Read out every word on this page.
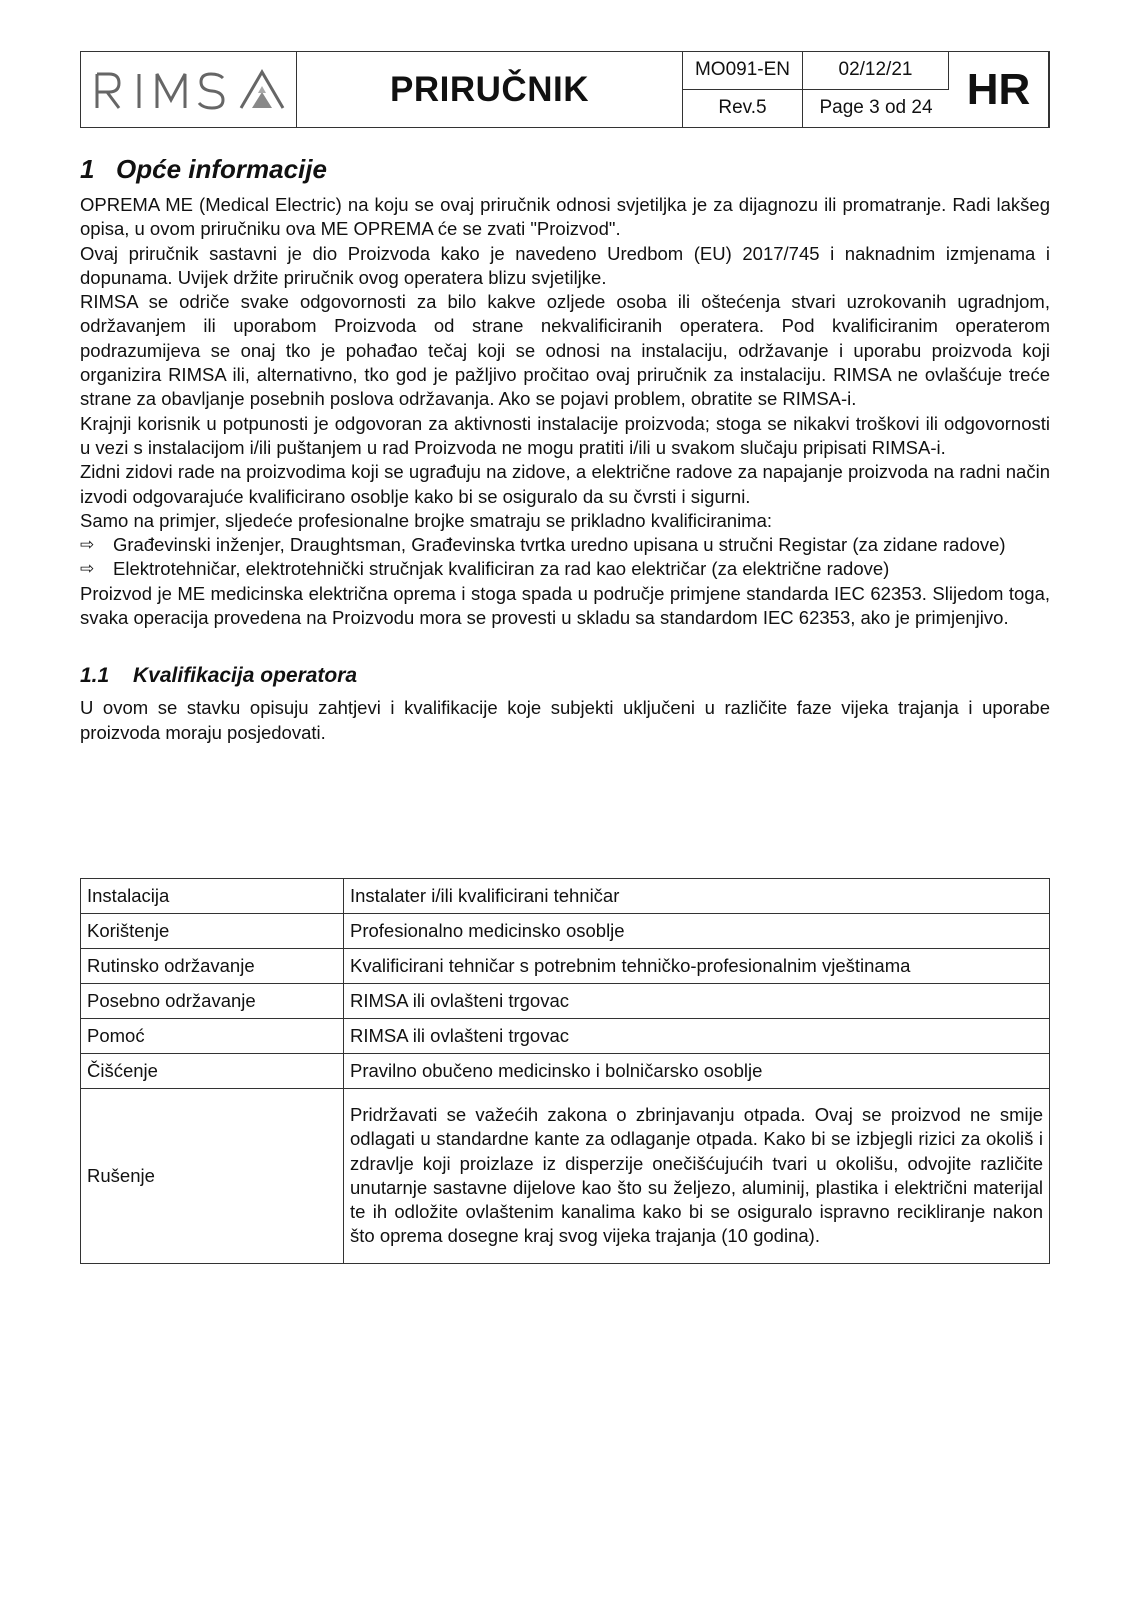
PRIRUČNIK	MO091-EN	02/12/21	HR
Rev.5	Page 3 od 24
1 Opće informacije

OPREMA ME (Medical Electric) na koju se ovaj priručnik odnosi svjetiljka je za dijagnozu ili promatranje. Radi lakšeg opisa, u ovom priručniku ova ME OPREMA će se zvati "Proizvod".

Ovaj priručnik sastavni je dio Proizvoda kako je navedeno Uredbom (EU) 2017/745 i naknadnim izmjenama i dopunama. Uvijek držite priručnik ovog operatera blizu svjetiljke.

RIMSA se odriče svake odgovornosti za bilo kakve ozljede osoba ili oštećenja stvari uzrokovanih ugradnjom, održavanjem ili uporabom Proizvoda od strane nekvalificiranih operatera. Pod kvalificiranim operaterom podrazumijeva se onaj tko je pohađao tečaj koji se odnosi na instalaciju, održavanje i uporabu proizvoda koji organizira RIMSA ili, alternativno, tko god je pažljivo pročitao ovaj priručnik za instalaciju. RIMSA ne ovlašćuje treće strane za obavljanje posebnih poslova održavanja. Ako se pojavi problem, obratite se RIMSA-i.

Krajnji korisnik u potpunosti je odgovoran za aktivnosti instalacije proizvoda; stoga se nikakvi troškovi ili odgovornosti u vezi s instalacijom i/ili puštanjem u rad Proizvoda ne mogu pratiti i/ili u svakom slučaju pripisati RIMSA-i.

Zidni zidovi rade na proizvodima koji se ugrađuju na zidove, a električne radove za napajanje proizvoda na radni način izvodi odgovarajuće kvalificirano osoblje kako bi se osiguralo da su čvrsti i sigurni.

Samo na primjer, sljedeće profesionalne brojke smatraju se prikladno kvalificiranima:

⇨ Građevinski inženjer, Draughtsman, Građevinska tvrtka uredno upisana u stručni Registar (za zidane radove)
⇨ Elektrotehničar, elektrotehnički stručnjak kvalificiran za rad kao električar (za električne radove)

Proizvod je ME medicinska električna oprema i stoga spada u područje primjene standarda IEC 62353. Slijedom toga, svaka operacija provedena na Proizvodu mora se provesti u skladu sa standardom IEC 62353, ako je primjenjivo.

1.1	Kvalifikacija operatora

U ovom se stavku opisuju zahtjevi i kvalifikacije koje subjekti uključeni u različite faze vijeka trajanja i uporabe proizvoda moraju posjedovati.

Instalacija	Instalater i/ili kvalificirani tehničar
Korištenje	Profesionalno medicinsko osoblje
Rutinsko održavanje	Kvalificirani tehničar s potrebnim tehničko-profesionalnim vještinama
Posebno održavanje	RIMSA ili ovlašteni trgovac
Pomoć	RIMSA ili ovlašteni trgovac
Čišćenje	Pravilno obučeno medicinsko i bolničarsko osoblje
Rušenje	Pridržavati se važećih zakona o zbrinjavanju otpada. Ovaj se proizvod ne smije odlagati u standardne kante za odlaganje otpada. Kako bi se izbjegli rizici za okoliš i zdravlje koji proizlaze iz disperzije onečišćujućih tvari u okolišu, odvojite različite unutarnje sastavne dijelove kao što su željezo, aluminij, plastika i električni materijal te ih odložite ovlaštenim kanalima kako bi se osiguralo ispravno recikliranje nakon što oprema dosegne kraj svog vijeka trajanja (10 godina).
